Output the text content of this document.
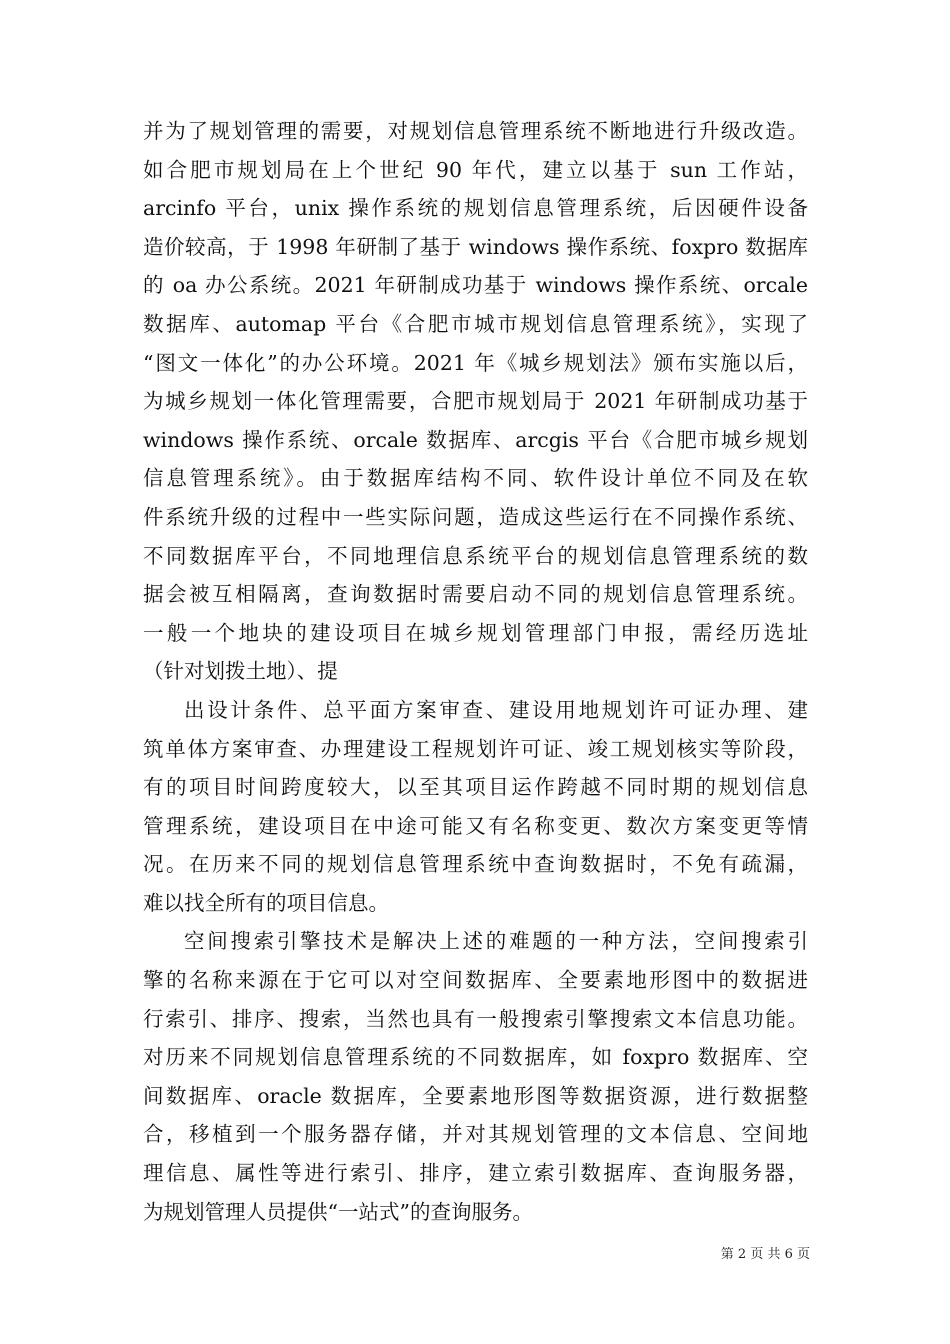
并为了规划管理的需要，对规划信息管理系统不断地进行升级改造。
如合肥市规划局在上个世纪 90 年代，建立以基于 sun 工作站，
arcinfo 平台，unix 操作系统的规划信息管理系统，后因硬件设备
造价较高，于 1998 年研制了基于 windows 操作系统、foxpro 数据库
的 oa 办公系统。2021 年研制成功基于 windows 操作系统、orcale
数据库、automap 平台《合肥市城市规划信息管理系统》，实现了
“图文一体化”的办公环境。2021 年《城乡规划法》颁布实施以后，
为城乡规划一体化管理需要，合肥市规划局于 2021 年研制成功基于
windows 操作系统、orcale 数据库、arcgis 平台《合肥市城乡规划
信息管理系统》。由于数据库结构不同、软件设计单位不同及在软
件系统升级的过程中一些实际问题，造成这些运行在不同操作系统、
不同数据库平台，不同地理信息系统平台的规划信息管理系统的数
据会被互相隔离，查询数据时需要启动不同的规划信息管理系统。
一般一个地块的建设项目在城乡规划管理部门申报，需经历选址
（针对划拨土地）、提
出设计条件、总平面方案审查、建设用地规划许可证办理、建
筑单体方案审查、办理建设工程规划许可证、竣工规划核实等阶段，
有的项目时间跨度较大，以至其项目运作跨越不同时期的规划信息
管理系统，建设项目在中途可能又有名称变更、数次方案变更等情
况。在历来不同的规划信息管理系统中查询数据时，不免有疏漏，
难以找全所有的项目信息。
空间搜索引擎技术是解决上述的难题的一种方法，空间搜索引
擎的名称来源在于它可以对空间数据库、全要素地形图中的数据进
行索引、排序、搜索，当然也具有一般搜索引擎搜索文本信息功能。
对历来不同规划信息管理系统的不同数据库，如 foxpro 数据库、空
间数据库、oracle 数据库，全要素地形图等数据资源，进行数据整
合，移植到一个服务器存储，并对其规划管理的文本信息、空间地
理信息、属性等进行索引、排序，建立索引数据库、查询服务器，
为规划管理人员提供“一站式”的查询服务。
第 2 页 共 6 页
